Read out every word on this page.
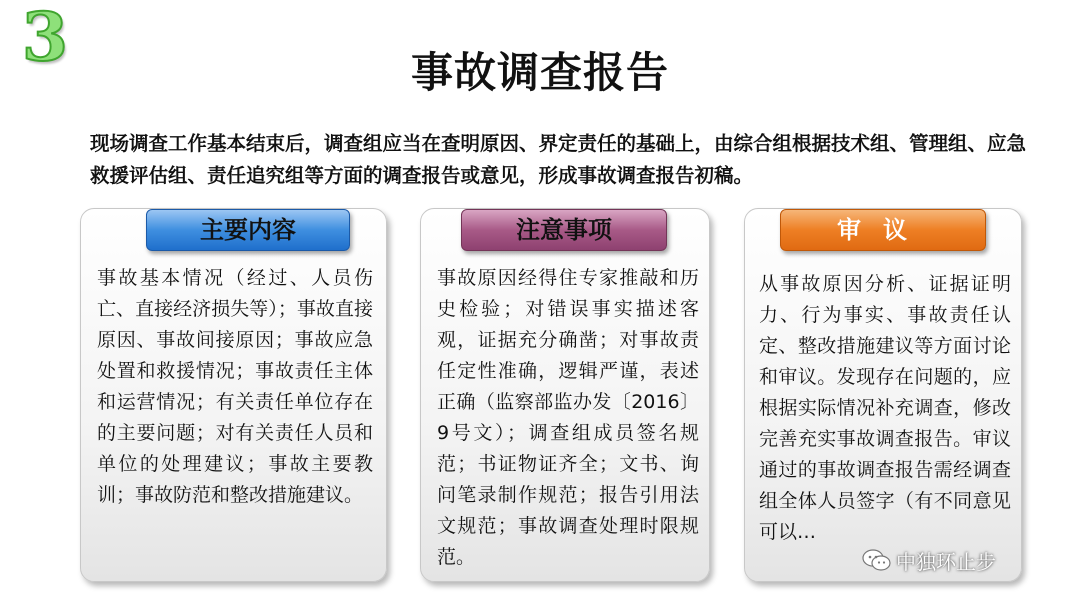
3	事故调查报告
现场调查工作基本结束后，调查组应当在查明原因、界定责任的基础上，由综合组根据技术组、管理组、应急救援评估组、责任追究组等方面的调查报告或意见，形成事故调查报告初稿。
主要内容
事故基本情况（经过、人员伤亡、直接经济损失等）；事故直接原因、事故间接原因；事故应急处置和救援情况；事故责任主体和运营情况；有关责任单位存在的主要问题；对有关责任人员和单位的处理建议；事故主要教训；事故防范和整改措施建议。
注意事项
事故原因经得住专家推敲和历史检验；对错误事实描述客观，证据充分确凿；对事故责任定性准确，逻辑严谨，表述正确（监察部监办发〔2016〕9号文）；调查组成员签名规范；书证物证齐全；文书、询问笔录制作规范；报告引用法文规范；事故调查处理时限规范。
审议
从事故原因分析、证据证明力、行为事实、事故责任认定、整改措施建议等方面讨论和审议。发现存在问题的，应根据实际情况补充调查，修改完善充实事故调查报告。审议通过的事故调查报告需经调查组全体人员签字（有不同意见可以…
中独环止步
